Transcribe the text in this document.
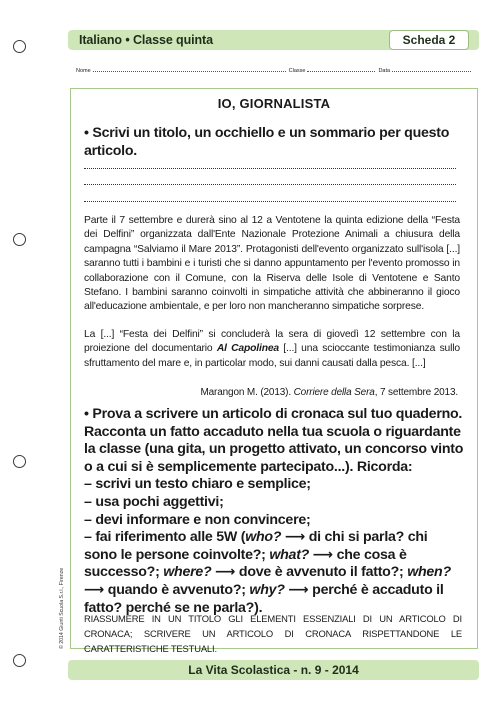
Italiano • Classe quinta	Scheda 2
Nome	Classe	Data
IO, GIORNALISTA
• Scrivi un titolo, un occhiello e un sommario per questo articolo.
Parte il 7 settembre e durerà sino al 12 a Ventotene la quinta edizione della “Festa dei Delfini” organizzata dall'Ente Nazionale Protezione Animali a chiusura della campagna “Salviamo il Mare 2013”. Protagonisti dell'evento organizzato sull'isola [...] saranno tutti i bambini e i turisti che si danno appuntamento per l'evento promosso in collaborazione con il Comune, con la Riserva delle Isole di Ventotene e Santo Stefano. I bambini saranno coinvolti in simpatiche attività che abbineranno il gioco all'educazione ambientale, e per loro non mancheranno simpatiche sorprese.
La [...] “Festa dei Delfini” si concluderà la sera di giovedì 12 settembre con la proiezione del documentario Al Capolinea [...] una scioccante testimonianza sullo sfruttamento del mare e, in particolar modo, sui danni causati dalla pesca. [...]
Marangon M. (2013). Corriere della Sera, 7 settembre 2013.
• Prova a scrivere un articolo di cronaca sul tuo quaderno. Racconta un fatto accaduto nella tua scuola o riguardante la classe (una gita, un progetto attivato, un concorso vinto o a cui si è semplicemente partecipato...). Ricorda:
– scrivi un testo chiaro e semplice;
– usa pochi aggettivi;
– devi informare e non convincere;
– fai riferimento alle 5W (who? ⟶ di chi si parla? chi sono le persone coinvolte?; what? ⟶ che cosa è successo?; where? ⟶ dove è avvenuto il fatto?; when? ⟶ quando è avvenuto?; why? ⟶ perché è accaduto il fatto? perché se ne parla?).
RIASSUMERE IN UN TITOLO GLI ELEMENTI ESSENZIALI DI UN ARTICOLO DI CRONACA; SCRIVERE UN ARTICOLO DI CRONACA RISPETTANDONE LE CARATTERISTICHE TESTUALI.
© 2014 Giunti Scuola S.r.l., Firenze
La Vita Scolastica - n. 9 - 2014
